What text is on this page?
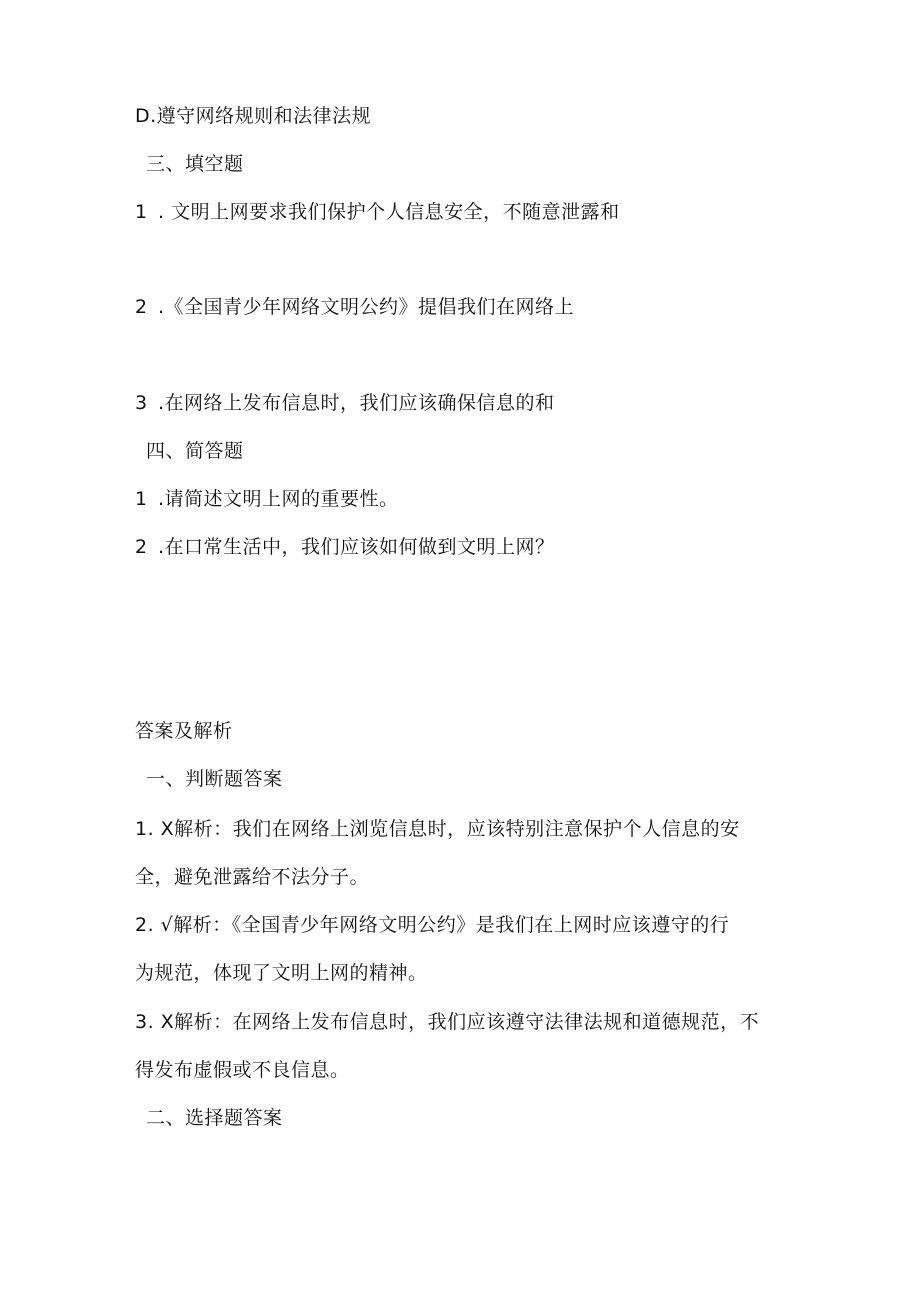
D.遵守网络规则和法律法规
三、填空题
1 . 文明上网要求我们保护个人信息安全，不随意泄露和
2 .《全国青少年网络文明公约》提倡我们在网络上
3 .在网络上发布信息时，我们应该确保信息的和
四、简答题
1 .请简述文明上网的重要性。
2 .在口常生活中，我们应该如何做到文明上网？
答案及解析
一、判断题答案
1. X解析：我们在网络上浏览信息时，应该特别注意保护个人信息的安
全，避免泄露给不法分子。
2. √解析：《全国青少年网络文明公约》是我们在上网时应该遵守的行
为规范，体现了文明上网的精神。
3. X解析：在网络上发布信息时，我们应该遵守法律法规和道德规范，不
得发布虚假或不良信息。
二、选择题答案
